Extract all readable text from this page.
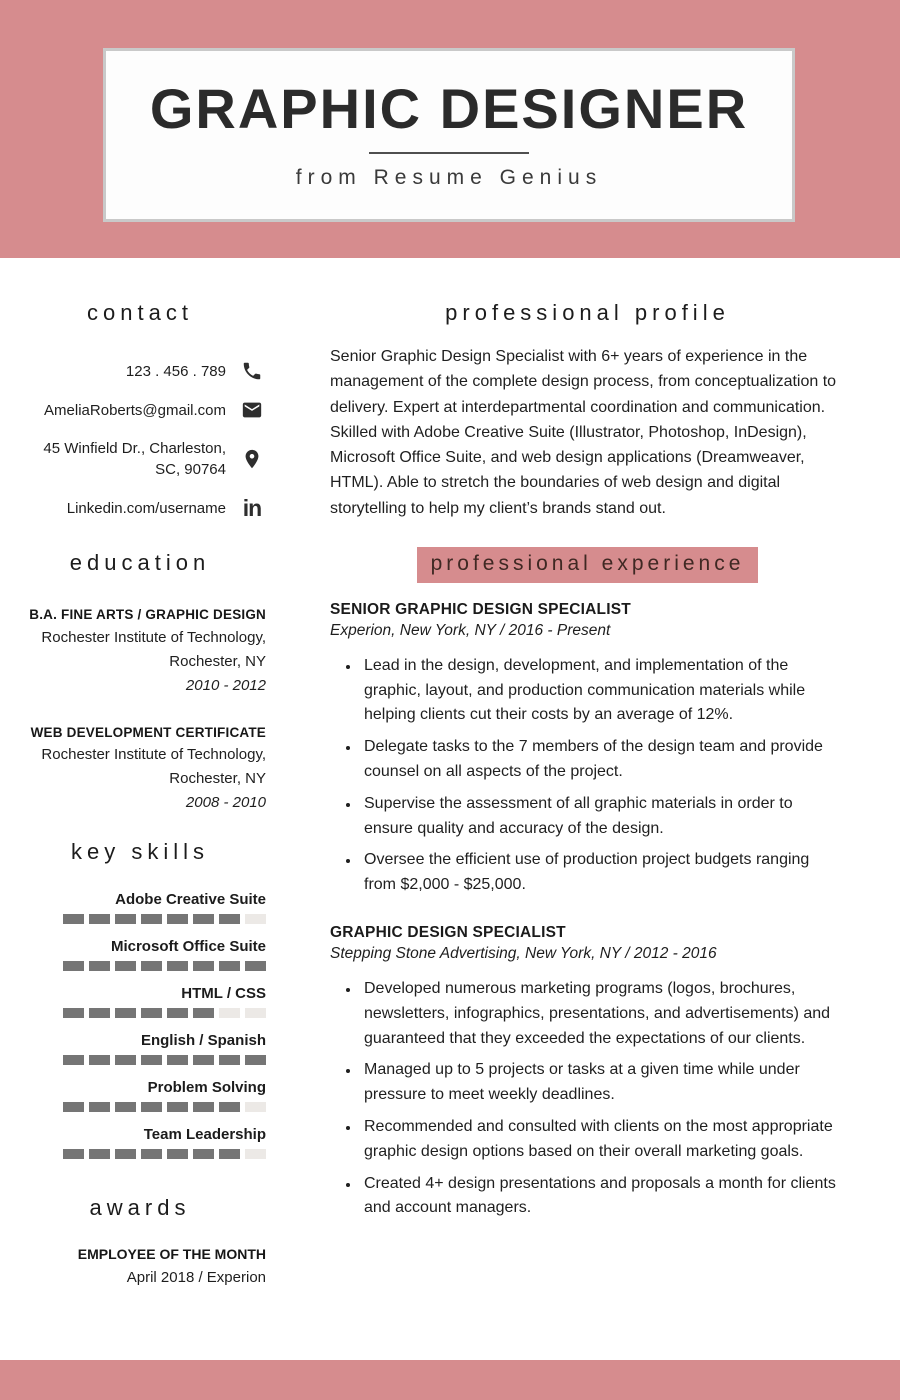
GRAPHIC DESIGNER
from Resume Genius
contact
123 . 456 . 789
AmeliaRoberts@gmail.com
45 Winfield Dr., Charleston,
SC, 90764
Linkedin.com/username in
education
B.A. FINE ARTS / GRAPHIC DESIGN
Rochester Institute of Technology,
Rochester, NY
2010 - 2012
WEB DEVELOPMENT CERTIFICATE
Rochester Institute of Technology,
Rochester, NY
2008 - 2010
key skills
Adobe Creative Suite
Microsoft Office Suite
HTML / CSS
English / Spanish
Problem Solving
Team Leadership
awards
EMPLOYEE OF THE MONTH
April 2018 / Experion
professional profile

Senior Graphic Design Specialist with 6+ years of experience in the management of the complete design process, from conceptualization to delivery. Expert at interdepartmental coordination and communication. Skilled with Adobe Creative Suite (Illustrator, Photoshop, InDesign), Microsoft Office Suite, and web design applications (Dreamweaver, HTML). Able to stretch the boundaries of web design and digital storytelling to help my client’s brands stand out.

professional experience
SENIOR GRAPHIC DESIGN SPECIALIST
Experion, New York, NY / 2016 - Present
• Lead in the design, development, and implementation of the graphic, layout, and production communication materials while helping clients cut their costs by an average of 12%.
• Delegate tasks to the 7 members of the design team and provide counsel on all aspects of the project.
• Supervise the assessment of all graphic materials in order to ensure quality and accuracy of the design.
• Oversee the efficient use of production project budgets ranging from $2,000 - $25,000.
GRAPHIC DESIGN SPECIALIST
Stepping Stone Advertising, New York, NY / 2012 - 2016
• Developed numerous marketing programs (logos, brochures, newsletters, infographics, presentations, and advertisements) and guaranteed that they exceeded the expectations of our clients.
• Managed up to 5 projects or tasks at a given time while under pressure to meet weekly deadlines.
• Recommended and consulted with clients on the most appropriate graphic design options based on their overall marketing goals.
• Created 4+ design presentations and proposals a month for clients and account managers.
